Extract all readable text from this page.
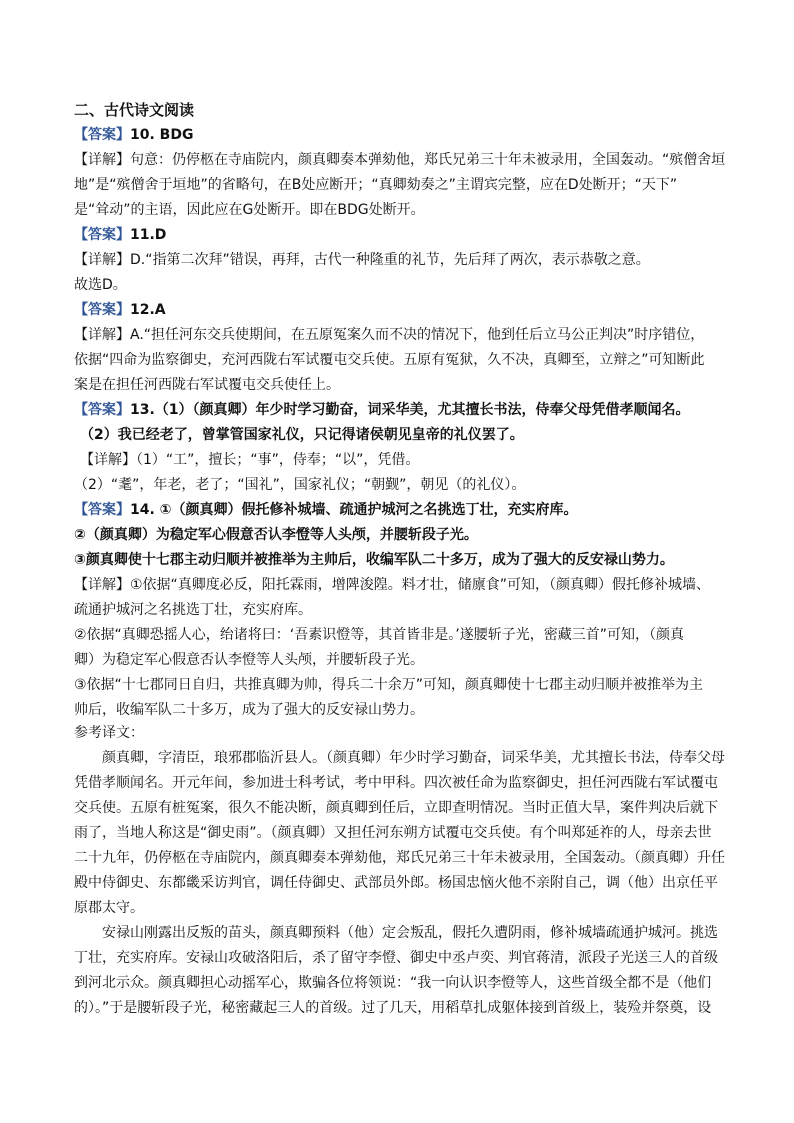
二、古代诗文阅读
【答案】10. BDG
【详解】句意：仍停柩在寺庙院内，颜真卿奏本弹劾他，郑氏兄弟三十年未被录用，全国轰动。“殡僧舍垣
地”是“殡僧舍于垣地”的省略句，在B处应断开；“真卿劾奏之”主谓宾完整，应在D处断开；“天下”
是“耸动”的主语，因此应在G处断开。即在BDG处断开。
【答案】11.D
【详解】D.“指第二次拜”错误，再拜，古代一种隆重的礼节，先后拜了两次，表示恭敬之意。
故选D。
【答案】12.A
【详解】A.“担任河东交兵使期间，在五原冤案久而不决的情况下，他到任后立马公正判决”时序错位，
依据“四命为监察御史，充河西陇右军试覆屯交兵使。五原有冤狱，久不决，真卿至，立辩之”可知断此
案是在担任河西陇右军试覆屯交兵使任上。
【答案】13.（1）（颜真卿）年少时学习勤奋，词采华美，尤其擅长书法，侍奉父母凭借孝顺闻名。
（2）我已经老了，曾掌管国家礼仪，只记得诸侯朝见皇帝的礼仪罢了。
【详解】（1）“工”，擅长；“事”，侍奉；“以”，凭借。
（2）“耄”，年老，老了；“国礼”，国家礼仪；“朝觐”，朝见（的礼仪）。
【答案】14. ①（颜真卿）假托修补城墙、疏通护城河之名挑选丁壮，充实府库。
②（颜真卿）为稳定军心假意否认李憕等人头颅，并腰斩段子光。
③颜真卿使十七郡主动归顺并被推举为主帅后，收编军队二十多万，成为了强大的反安禄山势力。
【详解】①依据“真卿度必反，阳托霖雨，增陴浚隍。料才壮，储廪食”可知，（颜真卿）假托修补城墙、
疏通护城河之名挑选丁壮，充实府库。
②依据“真卿恐摇人心，绐诸将曰：‘吾素识憕等，其首皆非是。’遂腰斩子光，密藏三首”可知，（颜真
卿）为稳定军心假意否认李憕等人头颅，并腰斩段子光。
③依据“十七郡同日自归，共推真卿为帅，得兵二十余万”可知，颜真卿使十七郡主动归顺并被推举为主
帅后，收编军队二十多万，成为了强大的反安禄山势力。
参考译文：
颜真卿，字清臣，琅邪郡临沂县人。（颜真卿）年少时学习勤奋，词采华美，尤其擅长书法，侍奉父母
凭借孝顺闻名。开元年间，参加进士科考试，考中甲科。四次被任命为监察御史，担任河西陇右军试覆屯
交兵使。五原有桩冤案，很久不能决断，颜真卿到任后，立即查明情况。当时正值大旱，案件判决后就下
雨了，当地人称这是“御史雨”。（颜真卿）又担任河东朔方试覆屯交兵使。有个叫郑延祚的人，母亲去世
二十九年，仍停柩在寺庙院内，颜真卿奏本弹劾他，郑氏兄弟三十年未被录用，全国轰动。（颜真卿）升任
殿中侍御史、东都畿采访判官，调任侍御史、武部员外郎。杨国忠恼火他不亲附自己，调（他）出京任平
原郡太守。
安禄山刚露出反叛的苗头，颜真卿预料（他）定会叛乱，假托久遭阴雨，修补城墙疏通护城河。挑选
丁壮，充实府库。安禄山攻破洛阳后，杀了留守李憕、御史中丞卢奕、判官蒋清，派段子光送三人的首级
到河北示众。颜真卿担心动摇军心，欺骗各位将领说：“我一向认识李憕等人，这些首级全都不是（他们
的）。”于是腰斩段子光，秘密藏起三人的首级。过了几天，用稻草扎成躯体接到首级上，装殓并祭奠，设
